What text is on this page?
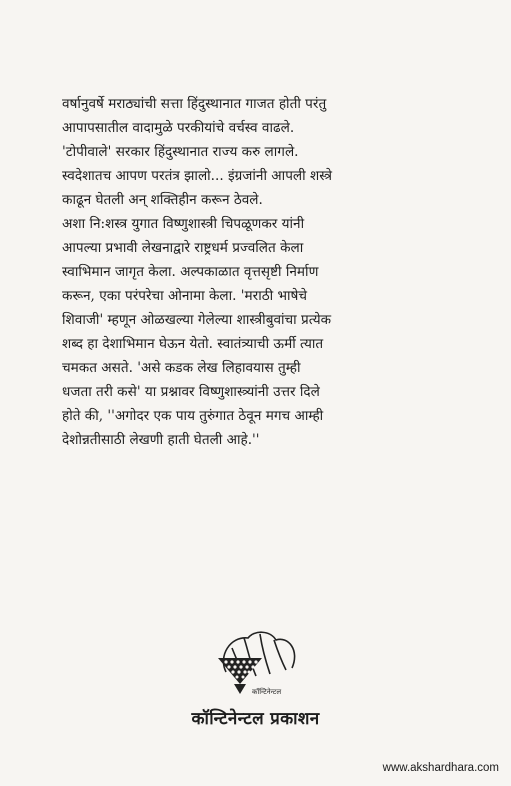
वर्षानुवर्षे मराठ्यांची सत्ता हिंदुस्थानात गाजत होती परंतु
आपापसातील वादामुळे परकीयांचे वर्चस्व वाढले.
'टोपीवाले' सरकार हिंदुस्थानात राज्य करु लागले.
स्वदेशातच आपण परतंत्र झालो... इंग्रजांनी आपली शस्त्रे
काढून घेतली अन् शक्तिहीन करून ठेवले.
अशा नि:शस्त्र युगात विष्णुशास्त्री चिपळूणकर यांनी
आपल्या प्रभावी लेखनाद्वारे राष्ट्रधर्म प्रज्वलित केला
स्वाभिमान जागृत केला. अल्पकाळात वृत्तसृष्टी निर्माण
करून, एका परंपरेचा ओनामा केला. 'मराठी भाषेचे
शिवाजी' म्हणून ओळखल्या गेलेल्या शास्त्रीबुवांचा प्रत्येक
शब्द हा देशाभिमान घेऊन येतो. स्वातंत्र्याची ऊर्मी त्यात
चमकत असते. 'असे कडक लेख लिहावयास तुम्ही
धजता तरी कसे' या प्रश्नावर विष्णुशास्त्र्यांनी उत्तर दिले
होते की, ''अगोदर एक पाय तुरुंगात ठेवून मगच आम्ही
देशोन्नतीसाठी लेखणी हाती घेतली आहे.''

कॉन्टिनेन्टल
कॉन्टिनेन्टल प्रकाशन
www.akshardhara.com
